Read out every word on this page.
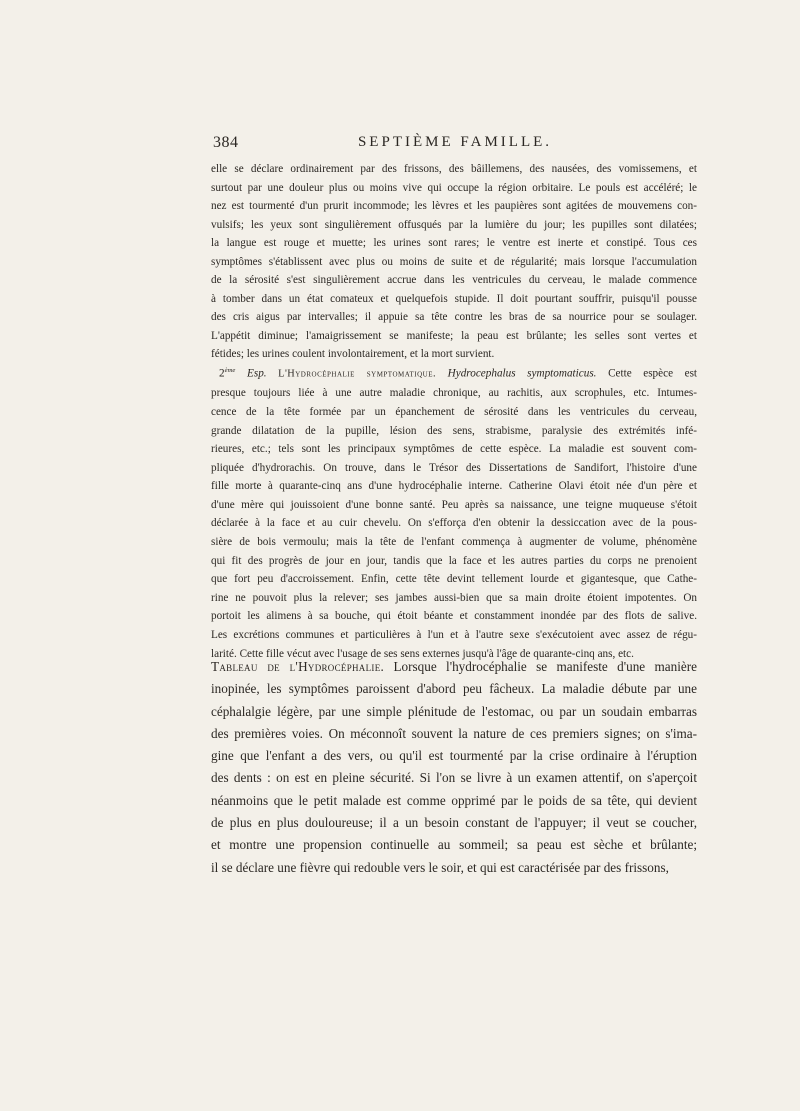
384	SEPTIÈME FAMILLE.
elle se déclare ordinairement par des frissons, des bâillemens, des nausées, des vomissemens, et
surtout par une douleur plus ou moins vive qui occupe la région orbitaire. Le pouls est accéléré; le
nez est tourmenté d'un prurit incommode; les lèvres et les paupières sont agitées de mouvemens con-
vulsifs; les yeux sont singulièrement offusqués par la lumière du jour; les pupilles sont dilatées;
la langue est rouge et muette; les urines sont rares; le ventre est inerte et constipé. Tous ces
symptômes s'établissent avec plus ou moins de suite et de régularité; mais lorsque l'accumulation
de la sérosité s'est singulièrement accrue dans les ventricules du cerveau, le malade commence
à tomber dans un état comateux et quelquefois stupide. Il doit pourtant souffrir, puisqu'il pousse
des cris aigus par intervalles; il appuie sa tête contre les bras de sa nourrice pour se soulager.
L'appétit diminue; l'amaigrissement se manifeste; la peau est brûlante; les selles sont vertes et
fétides; les urines coulent involontairement, et la mort survient.
2ème Esp. L'Hydrocéphalie symptomatique. Hydrocephalus symptomaticus. Cette espèce est
presque toujours liée à une autre maladie chronique, au rachitis, aux scrophules, etc. Intumes-
cence de la tête formée par un épanchement de sérosité dans les ventricules du cerveau,
grande dilatation de la pupille, lésion des sens, strabisme, paralysie des extrémités infé-
rieures, etc.; tels sont les principaux symptômes de cette espèce. La maladie est souvent com-
pliquée d'hydrorachis. On trouve, dans le Trésor des Dissertations de Sandifort, l'histoire d'une
fille morte à quarante-cinq ans d'une hydrocéphalie interne. Catherine Olavi étoit née d'un père et
d'une mère qui jouissoient d'une bonne santé. Peu après sa naissance, une teigne muqueuse s'étoit
déclarée à la face et au cuir chevelu. On s'efforça d'en obtenir la dessiccation avec de la pous-
sière de bois vermoulu; mais la tête de l'enfant commença à augmenter de volume, phénomène
qui fit des progrès de jour en jour, tandis que la face et les autres parties du corps ne prenoient
que fort peu d'accroissement. Enfin, cette tête devint tellement lourde et gigantesque, que Cathe-
rine ne pouvoit plus la relever; ses jambes aussi-bien que sa main droite étoient impotentes. On
portoit les alimens à sa bouche, qui étoit béante et constamment inondée par des flots de salive.
Les excrétions communes et particulières à l'un et à l'autre sexe s'exécutoient avec assez de régu-
larité. Cette fille vécut avec l'usage de ses sens externes jusqu'à l'âge de quarante-cinq ans, etc.
Tableau de l'Hydrocéphalie. Lorsque l'hydrocéphalie se manifeste d'une manière
inopinée, les symptômes paroissent d'abord peu fâcheux. La maladie débute par une
céphalalgie légère, par une simple plénitude de l'estomac, ou par un soudain embarras
des premières voies. On méconnoît souvent la nature de ces premiers signes; on s'ima-
gine que l'enfant a des vers, ou qu'il est tourmenté par la crise ordinaire à l'éruption
des dents : on est en pleine sécurité. Si l'on se livre à un examen attentif, on s'aperçoit
néanmoins que le petit malade est comme opprimé par le poids de sa tête, qui devient
de plus en plus douloureuse; il a un besoin constant de l'appuyer; il veut se coucher,
et montre une propension continuelle au sommeil; sa peau est sèche et brûlante;
il se déclare une fièvre qui redouble vers le soir, et qui est caractérisée par des frissons,
